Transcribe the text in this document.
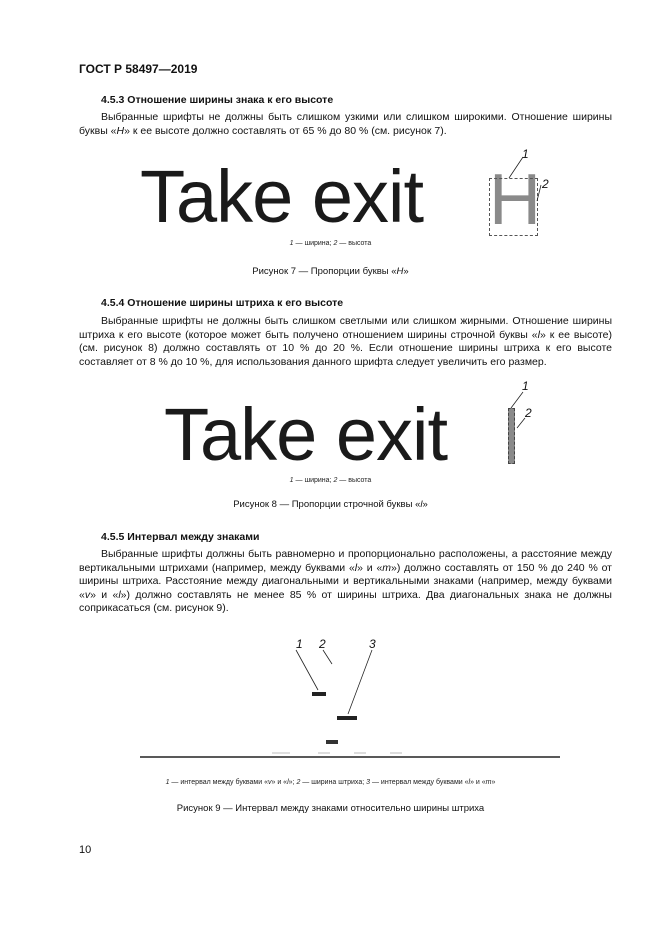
ГОСТ Р 58497—2019
4.5.3 Отношение ширины знака к его высоте
Выбранные шрифты не должны быть слишком узкими или слишком широкими. Отношение ширины буквы «H» к ее высоте должно составлять от 65 % до 80 % (см. рисунок 7).
Take exit H
1
2
1 — ширина; 2 — высота
Рисунок 7 — Пропорции буквы «H»
4.5.4 Отношение ширины штриха к его высоте
Выбранные шрифты не должны быть слишком светлыми или слишком жирными. Отношение ширины штриха к его высоте (которое может быть получено отношением ширины строчной буквы «l» к ее высоте) (см. рисунок 8) должно составлять от 10 % до 20 %. Если отношение ширины штриха к его высоте составляет от 8 % до 10 %, для использования данного шрифта следует увеличить его размер.
Take exit
1
2
1 — ширина; 2 — высота
Рисунок 8 — Пропорции строчной буквы «l»
4.5.5 Интервал между знаками
Выбранные шрифты должны быть равномерно и пропорционально расположены, а расстояние между вертикальными штрихами (например, между буквами «l» и «m») должно составлять от 150 % до 240 % от ширины штриха. Расстояние между диагональными и вертикальными знаками (например, между буквами «v» и «l») должно составлять не менее 85 % от ширины штриха. Два диагональных знака не должны соприкасаться (см. рисунок 9).
1 2	3
1 — интервал между буквами «v» и «l»; 2 — ширина штриха; 3 — интервал между буквами «l» и «m»
Рисунок 9 — Интервал между знаками относительно ширины штриха
10
